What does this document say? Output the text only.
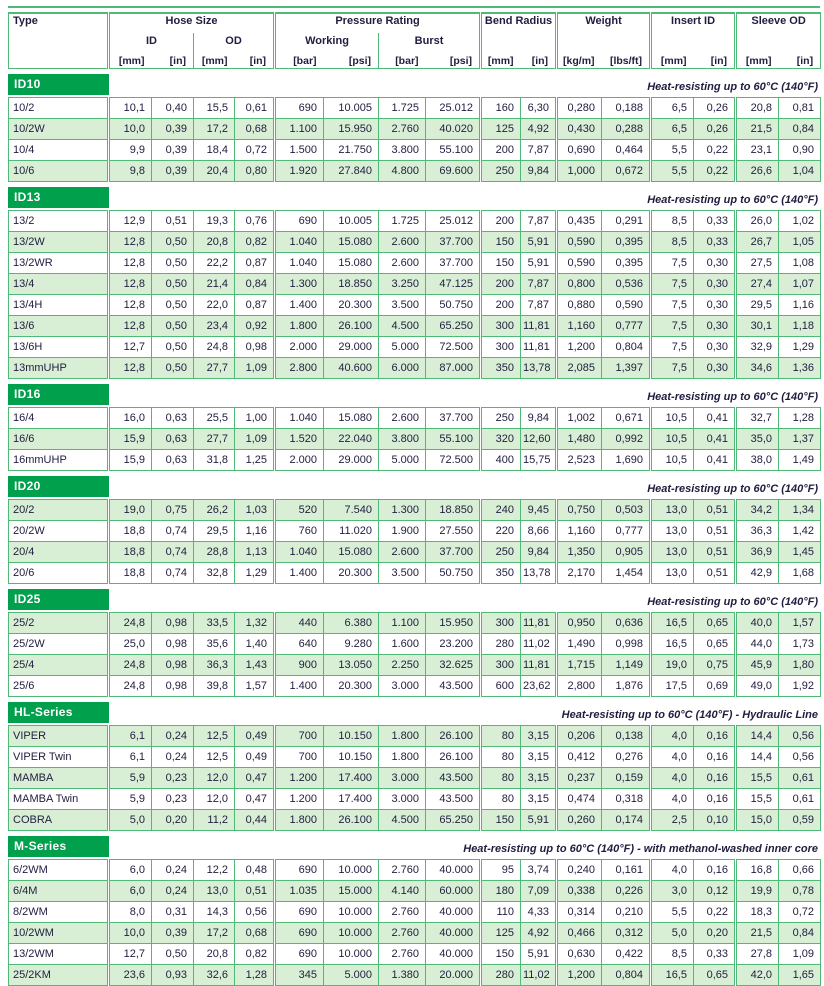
Type	Hose Size				Pressure Rating				Bend Radius		Weight		Insert ID		Sleeve OD	
	ID		OD		Working		Burst									
	[mm]	[in]	[mm]	[in]	[bar]	[psi]	[bar]	[psi]	[mm]	[in]	[kg/m]	[lbs/ft]	[mm]	[in]	[mm]	[in]
ID10	Heat-resisting up to 60°C (140°F)
10/2	10,1	0,40	15,5	0,61	690	10.005	1.725	25.012	160	6,30	0,280	0,188	6,5	0,26	20,8	0,81
10/2W	10,0	0,39	17,2	0,68	1.100	15.950	2.760	40.020	125	4,92	0,430	0,288	6,5	0,26	21,5	0,84
10/4	9,9	0,39	18,4	0,72	1.500	21.750	3.800	55.100	200	7,87	0,690	0,464	5,5	0,22	23,1	0,90
10/6	9,8	0,39	20,4	0,80	1.920	27.840	4.800	69.600	250	9,84	1,000	0,672	5,5	0,22	26,6	1,04
ID13	Heat-resisting up to 60°C (140°F)
13/2	12,9	0,51	19,3	0,76	690	10.005	1.725	25.012	200	7,87	0,435	0,291	8,5	0,33	26,0	1,02
13/2W	12,8	0,50	20,8	0,82	1.040	15.080	2.600	37.700	150	5,91	0,590	0,395	8,5	0,33	26,7	1,05
13/2WR	12,8	0,50	22,2	0,87	1.040	15.080	2.600	37.700	150	5,91	0,590	0,395	7,5	0,30	27,5	1,08
13/4	12,8	0,50	21,4	0,84	1.300	18.850	3.250	47.125	200	7,87	0,800	0,536	7,5	0,30	27,4	1,07
13/4H	12,8	0,50	22,0	0,87	1.400	20.300	3.500	50.750	200	7,87	0,880	0,590	7,5	0,30	29,5	1,16
13/6	12,8	0,50	23,4	0,92	1.800	26.100	4.500	65.250	300	11,81	1,160	0,777	7,5	0,30	30,1	1,18
13/6H	12,7	0,50	24,8	0,98	2.000	29.000	5.000	72.500	300	11,81	1,200	0,804	7,5	0,30	32,9	1,29
13mmUHP	12,8	0,50	27,7	1,09	2.800	40.600	6.000	87.000	350	13,78	2,085	1,397	7,5	0,30	34,6	1,36
ID16	Heat-resisting up to 60°C (140°F)
16/4	16,0	0,63	25,5	1,00	1.040	15.080	2.600	37.700	250	9,84	1,002	0,671	10,5	0,41	32,7	1,28
16/6	15,9	0,63	27,7	1,09	1.520	22.040	3.800	55.100	320	12,60	1,480	0,992	10,5	0,41	35,0	1,37
16mmUHP	15,9	0,63	31,8	1,25	2.000	29.000	5.000	72.500	400	15,75	2,523	1,690	10,5	0,41	38,0	1,49
ID20	Heat-resisting up to 60°C (140°F)
20/2	19,0	0,75	26,2	1,03	520	7.540	1.300	18.850	240	9,45	0,750	0,503	13,0	0,51	34,2	1,34
20/2W	18,8	0,74	29,5	1,16	760	11.020	1.900	27.550	220	8,66	1,160	0,777	13,0	0,51	36,3	1,42
20/4	18,8	0,74	28,8	1,13	1.040	15.080	2.600	37.700	250	9,84	1,350	0,905	13,0	0,51	36,9	1,45
20/6	18,8	0,74	32,8	1,29	1.400	20.300	3.500	50.750	350	13,78	2,170	1,454	13,0	0,51	42,9	1,68
ID25	Heat-resisting up to 60°C (140°F)
25/2	24,8	0,98	33,5	1,32	440	6.380	1.100	15.950	300	11,81	0,950	0,636	16,5	0,65	40,0	1,57
25/2W	25,0	0,98	35,6	1,40	640	9.280	1.600	23.200	280	11,02	1,490	0,998	16,5	0,65	44,0	1,73
25/4	24,8	0,98	36,3	1,43	900	13.050	2.250	32.625	300	11,81	1,715	1,149	19,0	0,75	45,9	1,80
25/6	24,8	0,98	39,8	1,57	1.400	20.300	3.000	43.500	600	23,62	2,800	1,876	17,5	0,69	49,0	1,92
HL-Series	Heat-resisting up to 60°C (140°F) - Hydraulic Line
VIPER	6,1	0,24	12,5	0,49	700	10.150	1.800	26.100	80	3,15	0,206	0,138	4,0	0,16	14,4	0,56
VIPER Twin	6,1	0,24	12,5	0,49	700	10.150	1.800	26.100	80	3,15	0,412	0,276	4,0	0,16	14,4	0,56
MAMBA	5,9	0,23	12,0	0,47	1.200	17.400	3.000	43.500	80	3,15	0,237	0,159	4,0	0,16	15,5	0,61
MAMBA Twin	5,9	0,23	12,0	0,47	1.200	17.400	3.000	43.500	80	3,15	0,474	0,318	4,0	0,16	15,5	0,61
COBRA	5,0	0,20	11,2	0,44	1.800	26.100	4.500	65.250	150	5,91	0,260	0,174	2,5	0,10	15,0	0,59
M-Series	Heat-resisting up to 60°C (140°F) - with methanol-washed inner core
6/2WM	6,0	0,24	12,2	0,48	690	10.000	2.760	40.000	95	3,74	0,240	0,161	4,0	0,16	16,8	0,66
6/4M	6,0	0,24	13,0	0,51	1.035	15.000	4.140	60.000	180	7,09	0,338	0,226	3,0	0,12	19,9	0,78
8/2WM	8,0	0,31	14,3	0,56	690	10.000	2.760	40.000	110	4,33	0,314	0,210	5,5	0,22	18,3	0,72
10/2WM	10,0	0,39	17,2	0,68	690	10.000	2.760	40.000	125	4,92	0,466	0,312	5,0	0,20	21,5	0,84
13/2WM	12,7	0,50	20,8	0,82	690	10.000	2.760	40.000	150	5,91	0,630	0,422	8,5	0,33	27,8	1,09
25/2KM	23,6	0,93	32,6	1,28	345	5.000	1.380	20.000	280	11,02	1,200	0,804	16,5	0,65	42,0	1,65
